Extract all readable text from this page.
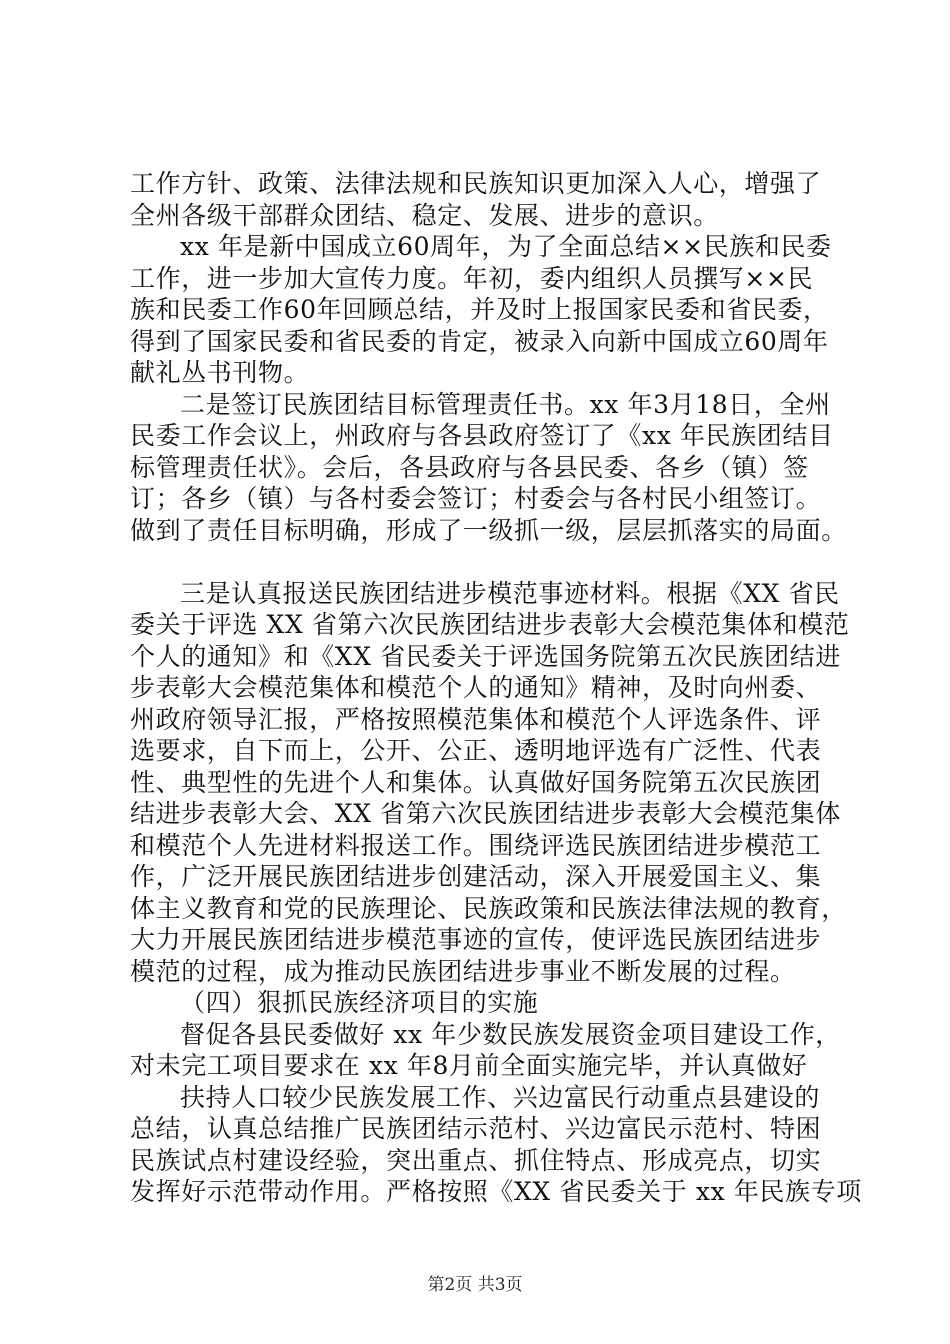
工作方针、政策、法律法规和民族知识更加深入人心，增强了
全州各级干部群众团结、稳定、发展、进步的意识。
xx 年是新中国成立60周年，为了全面总结××民族和民委
工作，进一步加大宣传力度。年初，委内组织人员撰写××民
族和民委工作60年回顾总结，并及时上报国家民委和省民委，
得到了国家民委和省民委的肯定，被录入向新中国成立60周年
献礼丛书刊物。
二是签订民族团结目标管理责任书。xx 年3月18日，全州
民委工作会议上，州政府与各县政府签订了《xx 年民族团结目
标管理责任状》。会后，各县政府与各县民委、各乡（镇）签
订；各乡（镇）与各村委会签订；村委会与各村民小组签订。
做到了责任目标明确，形成了一级抓一级，层层抓落实的局面。
三是认真报送民族团结进步模范事迹材料。根据《XX 省民
委关于评选 XX 省第六次民族团结进步表彰大会模范集体和模范
个人的通知》和《XX 省民委关于评选国务院第五次民族团结进
步表彰大会模范集体和模范个人的通知》精神，及时向州委、
州政府领导汇报，严格按照模范集体和模范个人评选条件、评
选要求，自下而上，公开、公正、透明地评选有广泛性、代表
性、典型性的先进个人和集体。认真做好国务院第五次民族团
结进步表彰大会、XX 省第六次民族团结进步表彰大会模范集体
和模范个人先进材料报送工作。围绕评选民族团结进步模范工
作，广泛开展民族团结进步创建活动，深入开展爱国主义、集
体主义教育和党的民族理论、民族政策和民族法律法规的教育，
大力开展民族团结进步模范事迹的宣传，使评选民族团结进步
模范的过程，成为推动民族团结进步事业不断发展的过程。
（四）狠抓民族经济项目的实施
督促各县民委做好 xx 年少数民族发展资金项目建设工作，
对未完工项目要求在 xx 年8月前全面实施完毕，并认真做好
扶持人口较少民族发展工作、兴边富民行动重点县建设的
总结，认真总结推广民族团结示范村、兴边富民示范村、特困
民族试点村建设经验，突出重点、抓住特点、形成亮点，切实
发挥好示范带动作用。严格按照《XX 省民委关于 xx 年民族专项
第2页 共3页
